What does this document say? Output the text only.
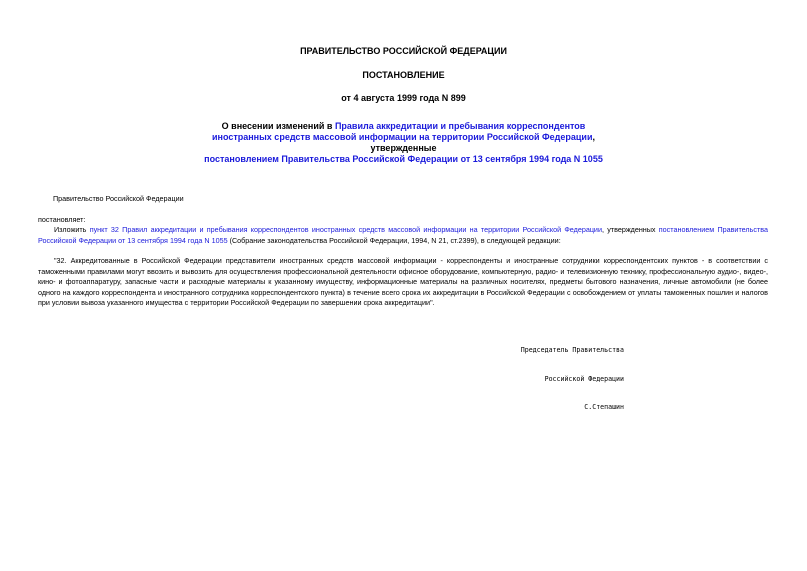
ПРАВИТЕЛЬСТВО РОССИЙСКОЙ ФЕДЕРАЦИИ
ПОСТАНОВЛЕНИЕ
от 4 августа 1999 года N 899
О внесении изменений в Правила аккредитации и пребывания корреспондентов иностранных средств массовой информации на территории Российской Федерации, утвержденные
постановлением Правительства Российской Федерации от 13 сентября 1994 года N 1055
Правительство Российской Федерации
постановляет:
Изложить пункт 32 Правил аккредитации и пребывания корреспондентов иностранных средств массовой информации на территории Российской Федерации, утвержденных постановлением Правительства Российской Федерации от 13 сентября 1994 года N 1055 (Собрание законодательства Российской Федерации, 1994, N 21, ст.2399), в следующей редакции:
"32. Аккредитованные в Российской Федерации представители иностранных средств массовой информации - корреспонденты и иностранные сотрудники корреспондентских пунктов - в соответствии с таможенными правилами могут ввозить и вывозить для осуществления профессиональной деятельности офисное оборудование, компьютерную, радио- и телевизионную технику, профессиональную аудио-, видео-, кино- и фотоаппаратуру, запасные части и расходные материалы к указанному имуществу, информационные материалы на различных носителях, предметы бытового назначения, личные автомобили (не более одного на каждого корреспондента и иностранного сотрудника корреспондентского пункта) в течение всего срока их аккредитации в Российской Федерации с освобождением от уплаты таможенных пошлин и налогов при условии вывоза указанного имущества с территории Российской Федерации по завершении срока аккредитации".

Председатель Правительства

Российской Федерации

С.Степашин
